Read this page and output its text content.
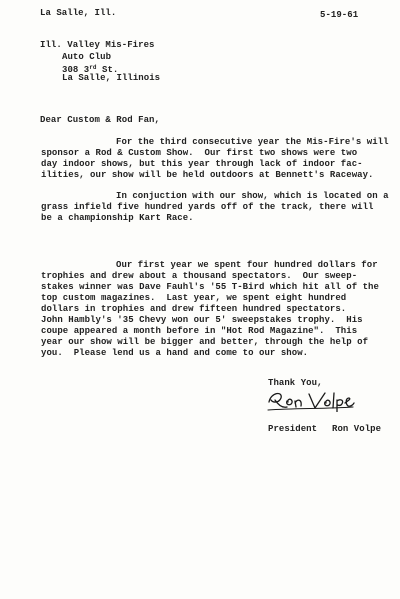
La Salle, Ill.	5-19-61
Ill. Valley Mis-Fires
Auto Club
308 3rd St.
La Salle, Illinois
Dear Custom & Rod Fan,
For the third consecutive year the Mis-Fire's will
sponsor a Rod & Custom Show.  Our first two shows were two
day indoor shows, but this year through lack of indoor fac-
ilities, our show will be held outdoors at Bennett's Raceway.
In conjuction with our show, which is located on a
grass infield five hundred yards off of the track, there will
be a championship Kart Race.
Our first year we spent four hundred dollars for
trophies and drew about a thousand spectators.  Our sweep-
stakes winner was Dave Fauhl's '55 T-Bird which hit all of the
top custom magazines.  Last year, we spent eight hundred
dollars in trophies and drew fifteen hundred spectators.
John Hambly's '35 Chevy won our 5' sweepstakes trophy.  His
coupe appeared a month before in "Hot Rod Magazine".  This
year our show will be bigger and better, through the help of
you.  Please lend us a hand and come to our show.
Thank You,
President Ron Volpe
